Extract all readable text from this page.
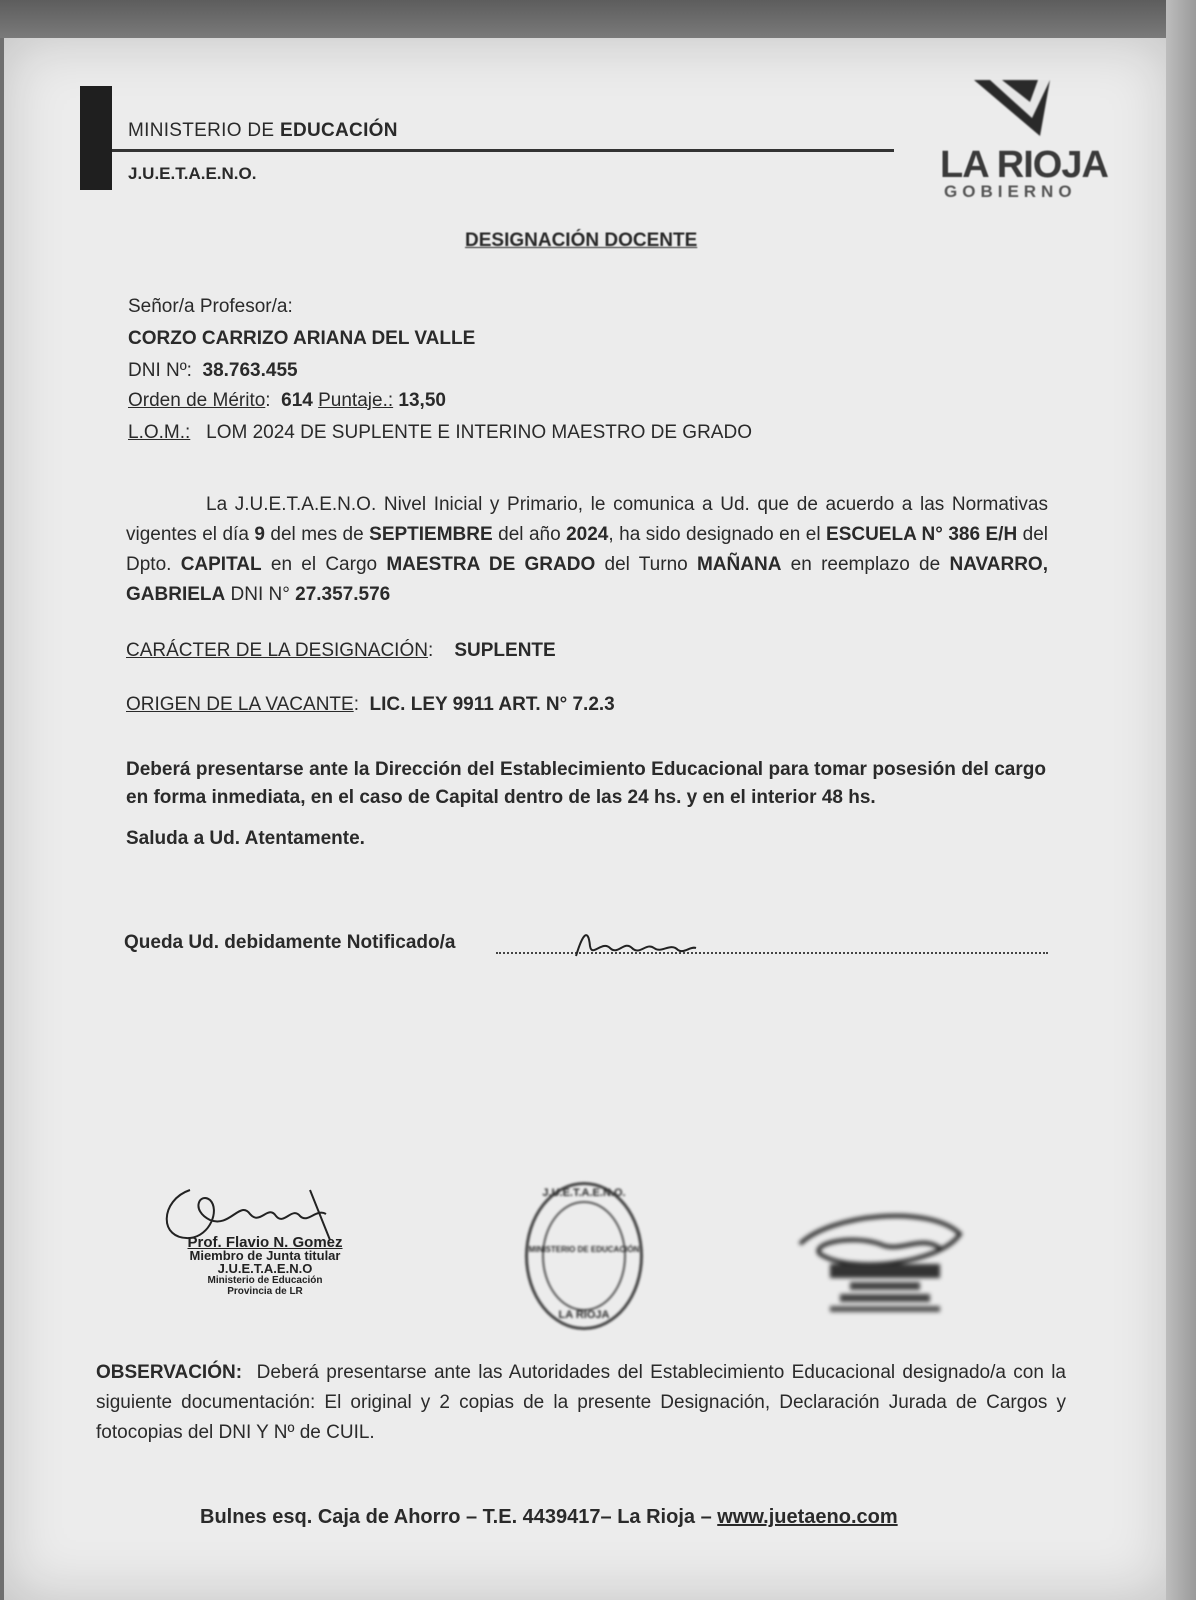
MINISTERIO DE EDUCACIÓN
J.U.E.T.A.E.N.O.	LA RIOJA
GOBIERNO
DESIGNACIÓN DOCENTE
Señor/a Profesor/a:
CORZO CARRIZO ARIANA DEL VALLE
DNI Nº: 38.763.455
Orden de Mérito:  614 Puntaje.: 13,50
L.O.M.: LOM 2024 DE SUPLENTE E INTERINO MAESTRO DE GRADO
La J.U.E.T.A.E.N.O. Nivel Inicial y Primario, le comunica a Ud. que de acuerdo a las Normativas vigentes el día 9 del mes de SEPTIEMBRE del año 2024, ha sido designado en el ESCUELA N° 386 E/H del Dpto. CAPITAL en el Cargo MAESTRA DE GRADO del Turno MAÑANA en reemplazo de NAVARRO, GABRIELA DNI N° 27.357.576
CARÁCTER DE LA DESIGNACIÓN:    SUPLENTE
ORIGEN DE LA VACANTE:  LIC. LEY 9911 ART. N° 7.2.3
Deberá presentarse ante la Dirección del Establecimiento Educacional para tomar posesión del cargo en forma inmediata, en el caso de Capital dentro de las 24 hs. y en el interior 48 hs.
Saluda a Ud. Atentamente.
Queda Ud. debidamente Notificado/a
Prof. Flavio N. Gomez
Miembro de Junta titular
J.U.E.T.A.E.N.O
Ministerio de Educación
Provincia de LR
J.U.E.T.A.E.N.O.
MINISTERIO DE EDUCACIÓN
LA RIOJA
OBSERVACIÓN: Deberá presentarse ante las Autoridades del Establecimiento Educacional designado/a con la siguiente documentación: El original y 2 copias de la presente Designación, Declaración Jurada de Cargos y fotocopias del DNI Y Nº de CUIL.
Bulnes esq. Caja de Ahorro – T.E. 4439417– La Rioja – www.juetaeno.com
